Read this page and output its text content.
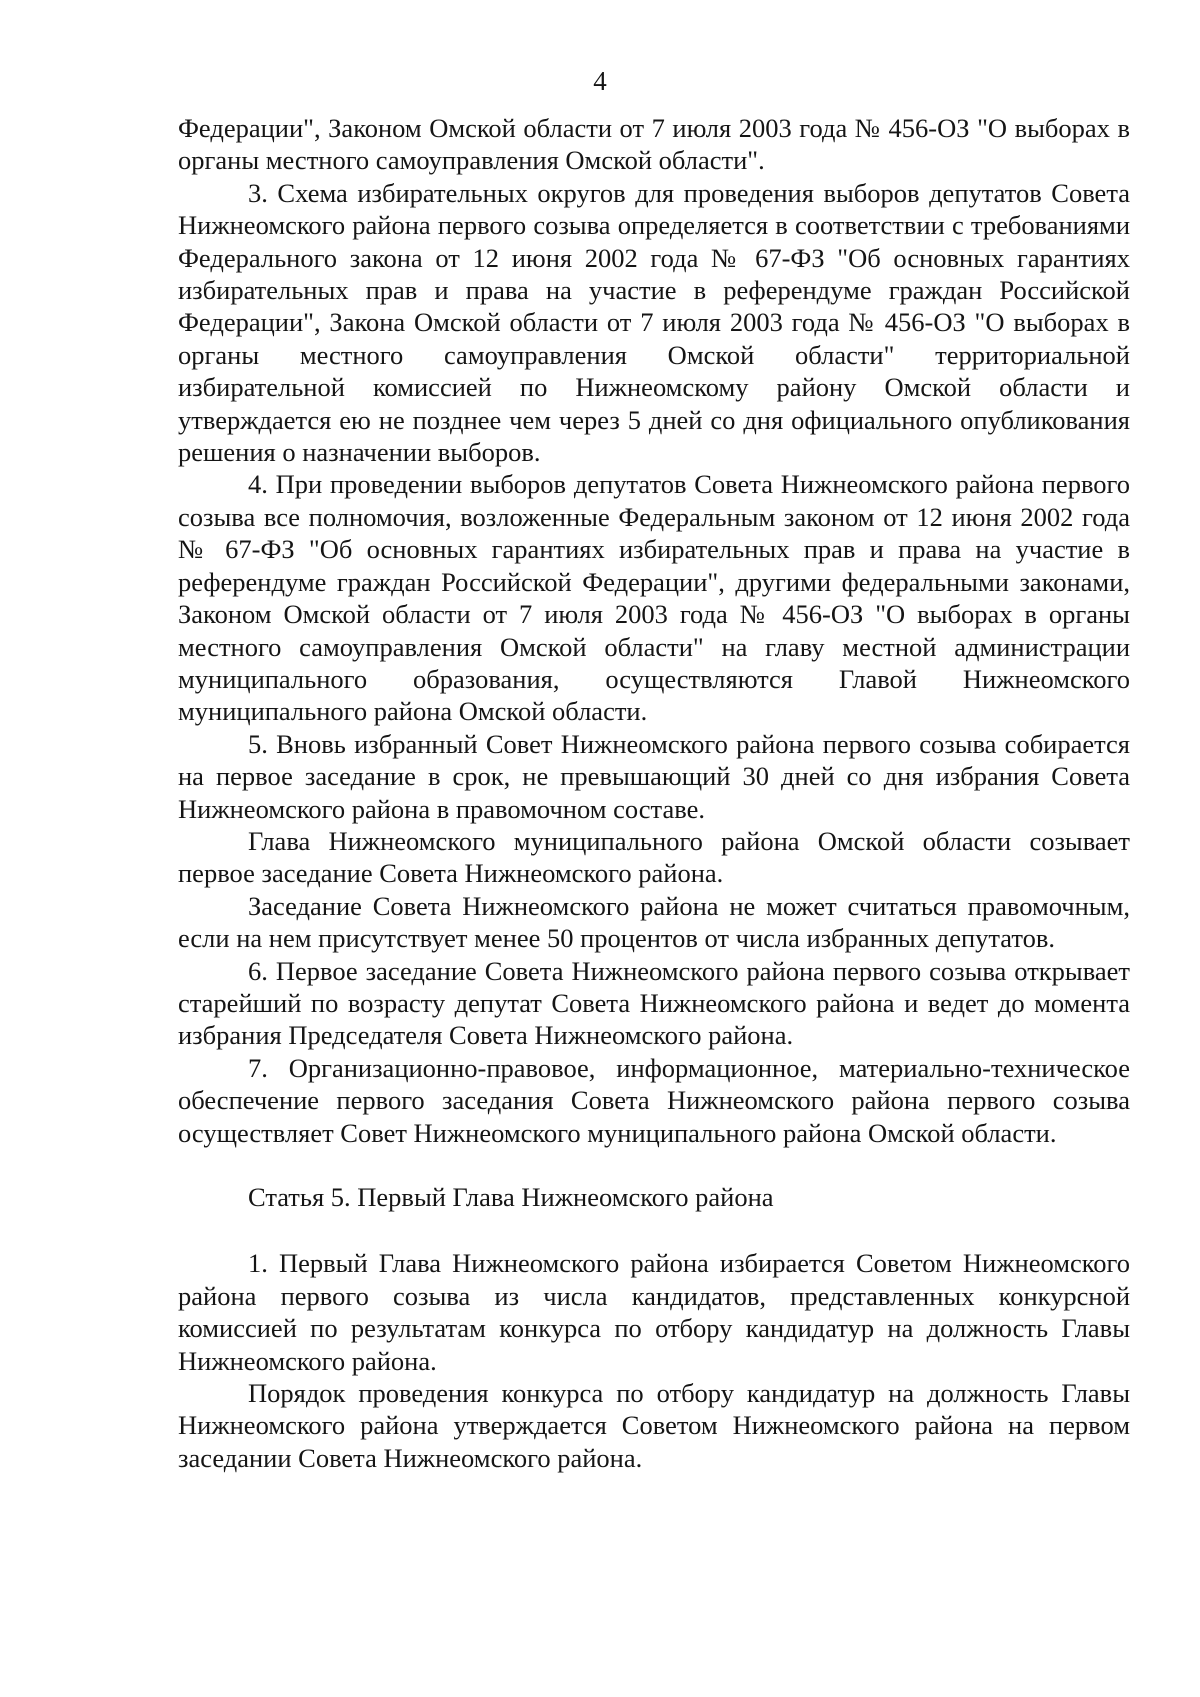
4

Федерации", Законом Омской области от 7 июля 2003 года № 456-ОЗ "О выборах в органы местного самоуправления Омской области".

3. Схема избирательных округов для проведения выборов депутатов Совета Нижнеомского района первого созыва определяется в соответствии с требованиями Федерального закона от 12 июня 2002 года № 67-ФЗ "Об основных гарантиях избирательных прав и права на участие в референдуме граждан Российской Федерации", Закона Омской области от 7 июля 2003 года № 456-ОЗ "О выборах в органы местного самоуправления Омской области" территориальной избирательной комиссией по Нижнеомскому району Омской области и утверждается ею не позднее чем через 5 дней со дня официального опубликования решения о назначении выборов.

4. При проведении выборов депутатов Совета Нижнеомского района первого созыва все полномочия, возложенные Федеральным законом от 12 июня 2002 года № 67-ФЗ "Об основных гарантиях избирательных прав и права на участие в референдуме граждан Российской Федерации", другими федеральными законами, Законом Омской области от 7 июля 2003 года № 456-ОЗ "О выборах в органы местного самоуправления Омской области" на главу местной администрации муниципального образования, осуществляются Главой Нижнеомского муниципального района Омской области.

5. Вновь избранный Совет Нижнеомского района первого созыва собирается на первое заседание в срок, не превышающий 30 дней со дня избрания Совета Нижнеомского района в правомочном составе.

Глава Нижнеомского муниципального района Омской области созывает первое заседание Совета Нижнеомского района.

Заседание Совета Нижнеомского района не может считаться правомочным, если на нем присутствует менее 50 процентов от числа избранных депутатов.

6. Первое заседание Совета Нижнеомского района первого созыва открывает старейший по возрасту депутат Совета Нижнеомского района и ведет до момента избрания Председателя Совета Нижнеомского района.

7. Организационно-правовое, информационное, материально-техническое обеспечение первого заседания Совета Нижнеомского района первого созыва осуществляет Совет Нижнеомского муниципального района Омской области.

Статья 5. Первый Глава Нижнеомского района

1. Первый Глава Нижнеомского района избирается Советом Нижнеомского района первого созыва из числа кандидатов, представленных конкурсной комиссией по результатам конкурса по отбору кандидатур на должность Главы Нижнеомского района.

Порядок проведения конкурса по отбору кандидатур на должность Главы Нижнеомского района утверждается Советом Нижнеомского района на первом заседании Совета Нижнеомского района.
